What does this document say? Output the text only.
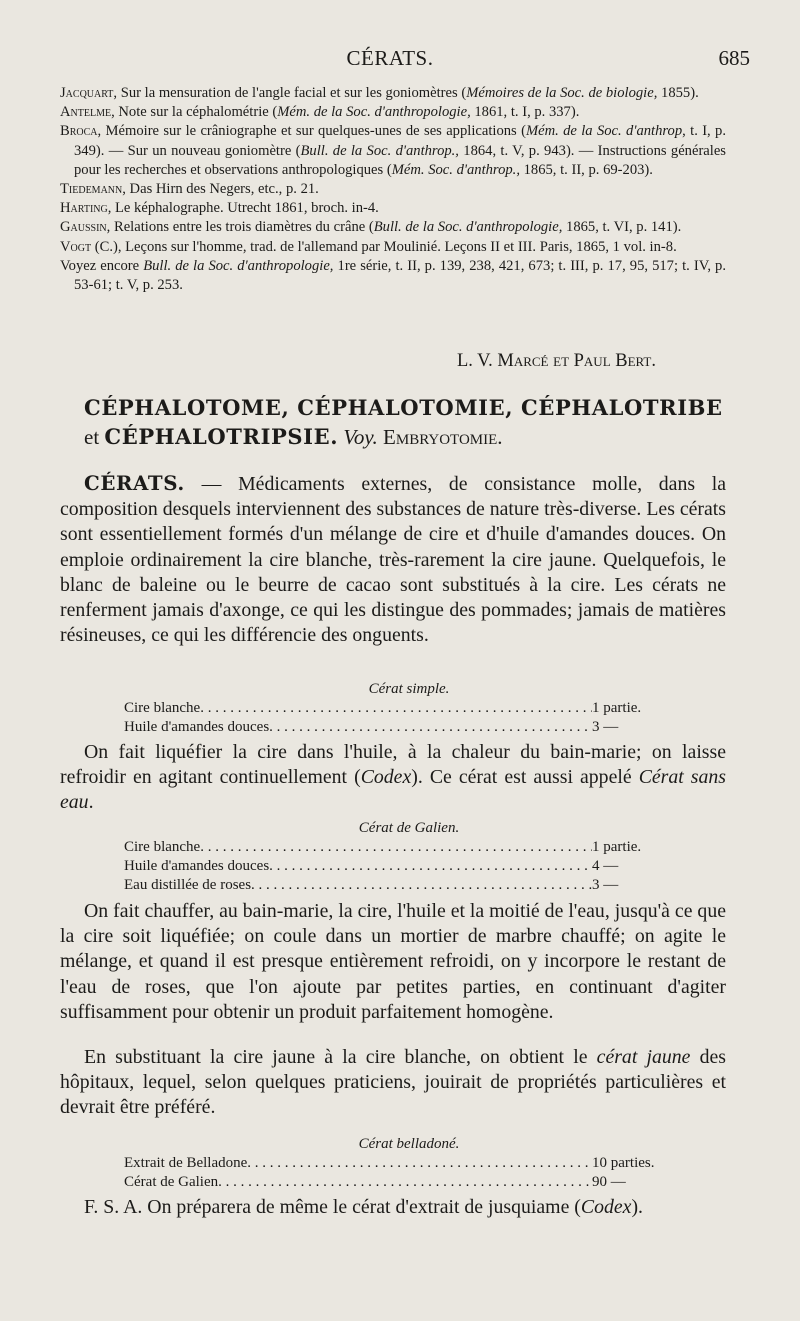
CÉRATS.	685
Jacquart, Sur la mensuration de l'angle facial et sur les goniomètres (Mémoires de la Soc. de biologie, 1855).
Antelme, Note sur la céphalométrie (Mém. de la Soc. d'anthropologie, 1861, t. I, p. 337).
Broca, Mémoire sur le crâniographe et sur quelques-unes de ses applications (Mém. de la Soc. d'anthrop, t. I, p. 349). — Sur un nouveau goniomètre (Bull. de la Soc. d'anthrop., 1864, t. V, p. 943). — Instructions générales pour les recherches et observations anthropologiques (Mém. Soc. d'anthrop., 1865, t. II, p. 69-203).
Tiedemann, Das Hirn des Negers, etc., p. 21.
Harting, Le képhalographe. Utrecht 1861, broch. in-4.
Gaussin, Relations entre les trois diamètres du crâne (Bull. de la Soc. d'anthropologie, 1865, t. VI, p. 141).
Vogt (C.), Leçons sur l'homme, trad. de l'allemand par Moulinié. Leçons II et III. Paris, 1865, 1 vol. in-8.
Voyez encore Bull. de la Soc. d'anthropologie, 1re série, t. II, p. 139, 238, 421, 673; t. III, p. 17, 95, 517; t. IV, p. 53-61; t. V, p. 253.
L. V. Marcé et Paul Bert.
CÉPHALOTOME, CÉPHALOTOMIE, CÉPHALOTRIBE
et CÉPHALOTRIPSIE. Voy. Embryotomie.

CÉRATS. — Médicaments externes, de consistance molle, dans la composition desquels interviennent des substances de nature très-diverse. Les cérats sont essentiellement formés d'un mélange de cire et d'huile d'amandes douces. On emploie ordinairement la cire blanche, très-rarement la cire jaune. Quelquefois, le blanc de baleine ou le beurre de cacao sont substitués à la cire. Les cérats ne renferment jamais d'axonge, ce qui les distingue des pommades; jamais de matières résineuses, ce qui les différencie des onguents.

Cérat simple.
Cire blanche . . .	1 partie.
Huile d'amandes douces . . .	3 —

On fait liquéfier la cire dans l'huile, à la chaleur du bain-marie; on laisse refroidir en agitant continuellement (Codex). Ce cérat est aussi appelé Cérat sans eau.

Cérat de Galien.
Cire blanche . . .	1 partie.
Huile d'amandes douces . . .	4 —
Eau distillée de roses . . .	3 —

On fait chauffer, au bain-marie, la cire, l'huile et la moitié de l'eau, jusqu'à ce que la cire soit liquéfiée; on coule dans un mortier de marbre chauffé; on agite le mélange, et quand il est presque entièrement refroidi, on y incorpore le restant de l'eau de roses, que l'on ajoute par petites parties, en continuant d'agiter suffisamment pour obtenir un produit parfaitement homogène.

En substituant la cire jaune à la cire blanche, on obtient le cérat jaune des hôpitaux, lequel, selon quelques praticiens, jouirait de propriétés particulières et devrait être préféré.

Cérat belladoné.
Extrait de Belladone . . .	10 parties.
Cérat de Galien . . .	90 —

F. S. A. On préparera de même le cérat d'extrait de jusquiame (Codex).
